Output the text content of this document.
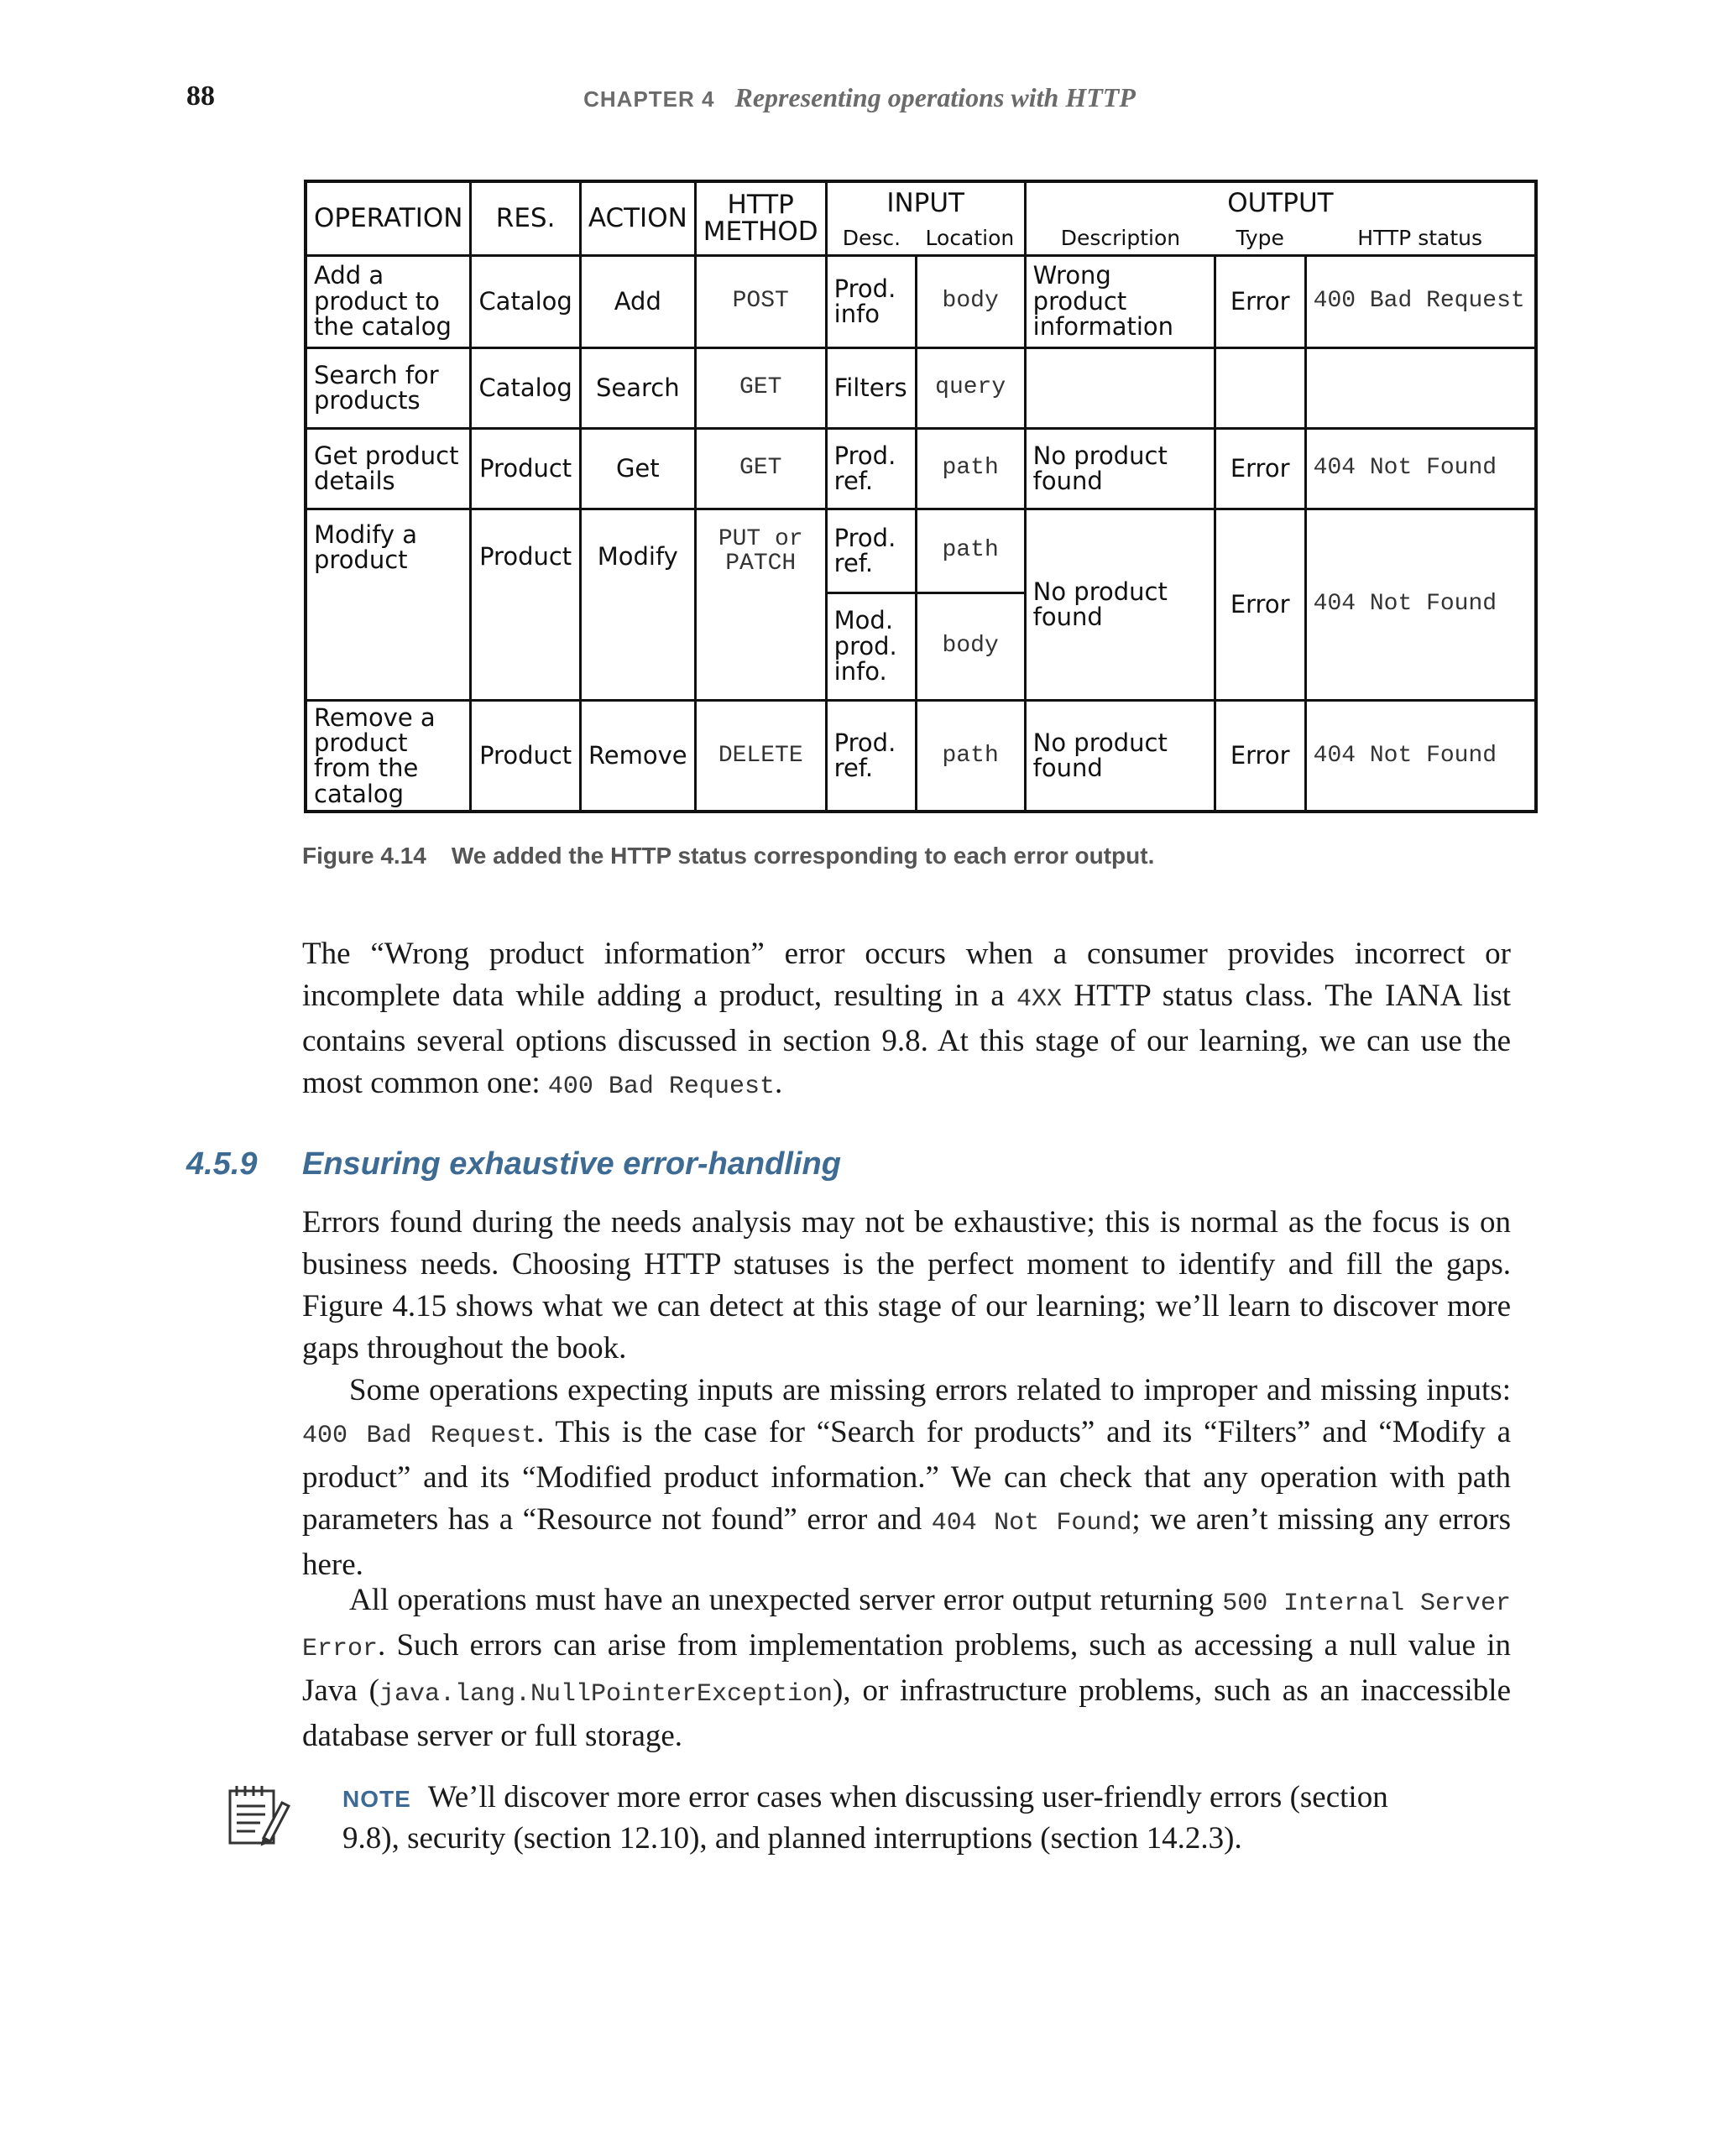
88	CHAPTER 4 Representing operations with HTTP
OPERATION	RES.	ACTION	HTTP METHOD	INPUT		OUTPUT		
				Desc.	Location	Description	Type	HTTP status
Add a product to the catalog	Catalog	Add	POST	Prod. info	body	Wrong product information	Error	400 Bad Request
Search for products	Catalog	Search	GET	Filters	query			
Get product details	Product	Get	GET	Prod. ref.	path	No product found	Error	404 Not Found
Modify a product	Product	Modify	PUT or PATCH	Prod. ref.	path	No product found	Error	404 Not Found
				Mod. prod. info.	body			
Remove a product from the catalog	Product	Remove	DELETE	Prod. ref.	path	No product found	Error	404 Not Found
Figure 4.14 We added the HTTP status corresponding to each error output.
The “Wrong product information” error occurs when a consumer provides incorrect or incomplete data while adding a product, resulting in a 4XX HTTP status class. The IANA list contains several options discussed in section 9.8. At this stage of our learning, we can use the most common one: 400 Bad Request.
4.5.9 Ensuring exhaustive error-handling
Errors found during the needs analysis may not be exhaustive; this is normal as the focus is on business needs. Choosing HTTP statuses is the perfect moment to identify and fill the gaps. Figure 4.15 shows what we can detect at this stage of our learning; we’ll learn to discover more gaps throughout the book.
Some operations expecting inputs are missing errors related to improper and missing inputs: 400 Bad Request. This is the case for “Search for products” and its “Filters” and “Modify a product” and its “Modified product information.” We can check that any operation with path parameters has a “Resource not found” error and 404 Not Found; we aren’t missing any errors here.
All operations must have an unexpected server error output returning 500 Internal Server Error. Such errors can arise from implementation problems, such as accessing a null value in Java (java.lang.NullPointerException), or infrastructure problems, such as an inaccessible database server or full storage.
NOTE We’ll discover more error cases when discussing user-friendly errors (section 9.8), security (section 12.10), and planned interruptions (section 14.2.3).
